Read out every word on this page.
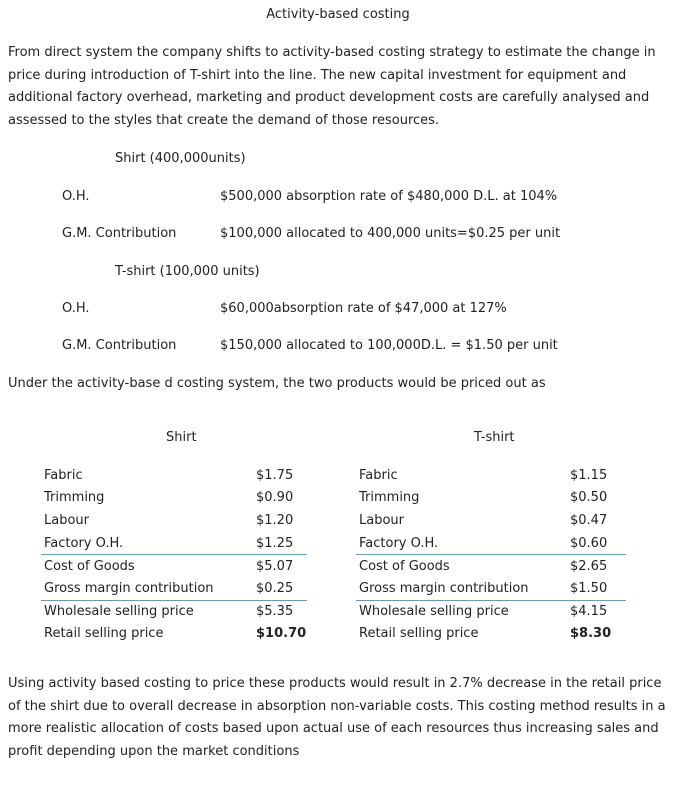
Activity-based costing
From direct system the company shifts to activity-based costing strategy to estimate the change in price during introduction of T-shirt into the line. The new capital investment for equipment and additional factory overhead, marketing and product development costs are carefully analysed and assessed to the styles that create the demand of those resources.
Shirt (400,000units)
O.H.	$500,000 absorption rate of $480,000 D.L. at 104%
G.M. Contribution	$100,000 allocated to 400,000 units=$0.25 per unit
T-shirt (100,000 units)
O.H.	$60,000absorption rate of $47,000 at 127%
G.M. Contribution	$150,000 allocated to 100,000D.L. = $1.50 per unit
Under the activity-base d costing system, the two products would be priced out as
Shirt
Fabric	$1.75
Trimming	$0.90
Labour	$1.20
Factory O.H.	$1.25
Cost of Goods	$5.07
Gross margin contribution	$0.25
Wholesale selling price	$5.35
Retail selling price	$10.70
T-shirt
Fabric	$1.15
Trimming	$0.50
Labour	$0.47
Factory O.H.	$0.60
Cost of Goods	$2.65
Gross margin contribution	$1.50
Wholesale selling price	$4.15
Retail selling price	$8.30
Using activity based costing to price these products would result in 2.7% decrease in the retail price of the shirt due to overall decrease in absorption non-variable costs. This costing method results in a more realistic allocation of costs based upon actual use of each resources thus increasing sales and profit depending upon the market conditions
